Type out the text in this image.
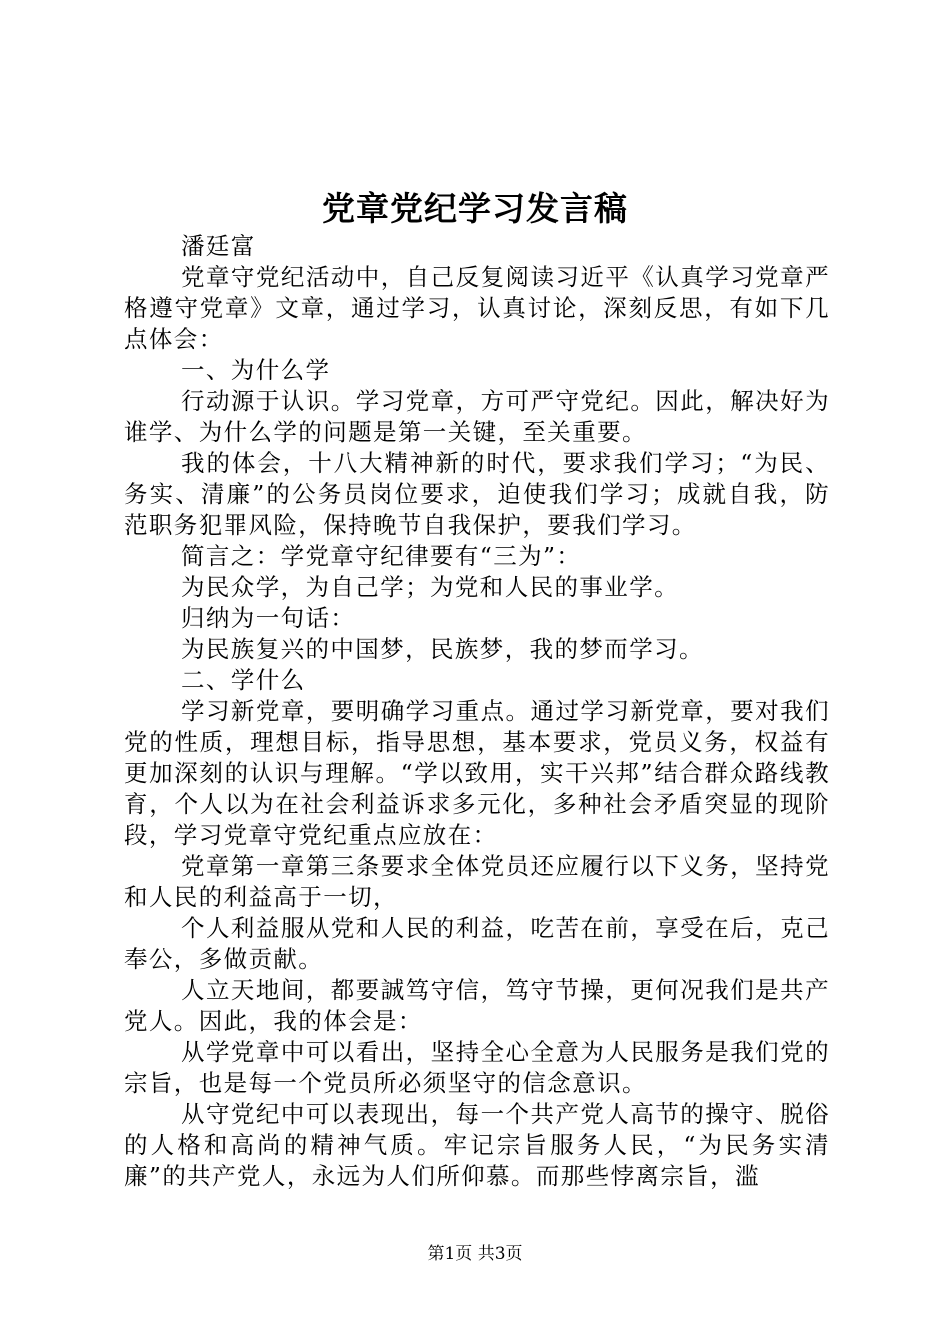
党章党纪学习发言稿

潘廷富

党章守党纪活动中，自己反复阅读习近平《认真学习党章严格遵守党章》文章，通过学习，认真讨论，深刻反思，有如下几点体会：

一、为什么学

行动源于认识。学习党章，方可严守党纪。因此，解决好为谁学、为什么学的问题是第一关键，至关重要。

我的体会，十八大精神新的时代，要求我们学习；“为民、务实、清廉”的公务员岗位要求，迫使我们学习；成就自我，防范职务犯罪风险，保持晚节自我保护，要我们学习。

简言之：学党章守纪律要有“三为”：

为民众学，为自己学；为党和人民的事业学。

归纳为一句话：

为民族复兴的中国梦，民族梦，我的梦而学习。

二、学什么

学习新党章，要明确学习重点。通过学习新党章，要对我们党的性质，理想目标，指导思想，基本要求，党员义务，权益有更加深刻的认识与理解。“学以致用，实干兴邦”结合群众路线教育，个人以为在社会利益诉求多元化，多种社会矛盾突显的现阶段，学习党章守党纪重点应放在：

党章第一章第三条要求全体党员还应履行以下义务，坚持党和人民的利益高于一切，

个人利益服从党和人民的利益，吃苦在前，享受在后，克己奉公，多做贡献。

人立天地间，都要誠笃守信，笃守节操，更何况我们是共产党人。因此，我的体会是：

从学党章中可以看出，坚持全心全意为人民服务是我们党的宗旨，也是每一个党员所必须坚守的信念意识。

从守党纪中可以表现出，每一个共产党人高节的操守、脱俗的人格和高尚的精神气质。牢记宗旨服务人民，“为民务实清廉”的共产党人，永远为人们所仰慕。而那些悖离宗旨，滥

第1页 共3页
